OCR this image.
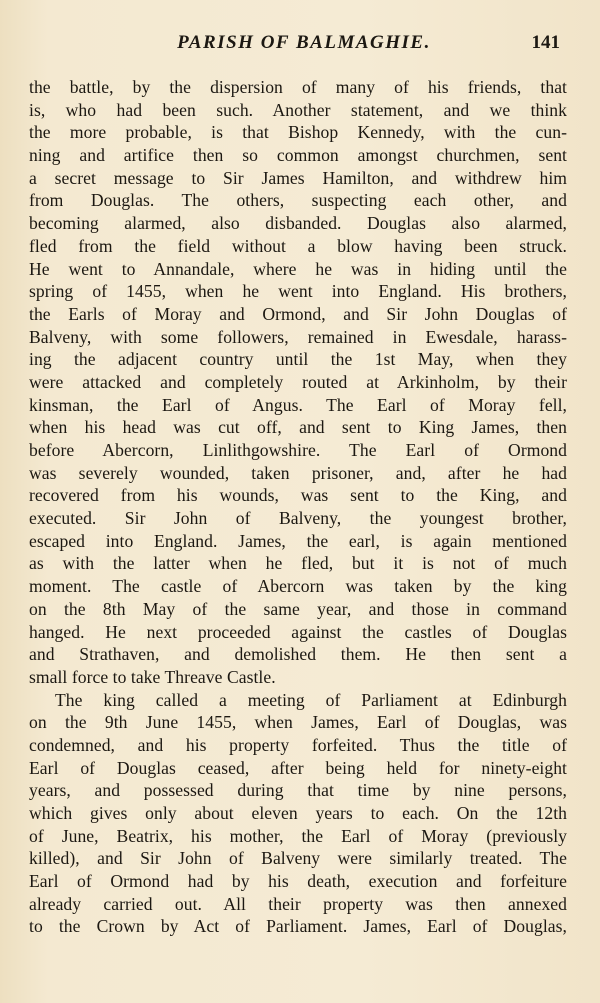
PARISH OF BALMAGHIE.	141
the battle, by the dispersion of many of his friends, that
is, who had been such. Another statement, and we think
the more probable, is that Bishop Kennedy, with the cun-
ning and artifice then so common amongst churchmen, sent
a secret message to Sir James Hamilton, and withdrew him
from Douglas. The others, suspecting each other, and
becoming alarmed, also disbanded. Douglas also alarmed,
fled from the field without a blow having been struck.
He went to Annandale, where he was in hiding until the
spring of 1455, when he went into England. His brothers,
the Earls of Moray and Ormond, and Sir John Douglas of
Balveny, with some followers, remained in Ewesdale, harass-
ing the adjacent country until the 1st May, when they
were attacked and completely routed at Arkinholm, by their
kinsman, the Earl of Angus. The Earl of Moray fell,
when his head was cut off, and sent to King James, then
before Abercorn, Linlithgowshire. The Earl of Ormond
was severely wounded, taken prisoner, and, after he had
recovered from his wounds, was sent to the King, and
executed. Sir John of Balveny, the youngest brother,
escaped into England. James, the earl, is again mentioned
as with the latter when he fled, but it is not of much
moment. The castle of Abercorn was taken by the king
on the 8th May of the same year, and those in command
hanged. He next proceeded against the castles of Douglas
and Strathaven, and demolished them. He then sent a
small force to take Threave Castle.
The king called a meeting of Parliament at Edinburgh
on the 9th June 1455, when James, Earl of Douglas, was
condemned, and his property forfeited. Thus the title of
Earl of Douglas ceased, after being held for ninety-eight
years, and possessed during that time by nine persons,
which gives only about eleven years to each. On the 12th
of June, Beatrix, his mother, the Earl of Moray (previously
killed), and Sir John of Balveny were similarly treated. The
Earl of Ormond had by his death, execution and forfeiture
already carried out. All their property was then annexed
to the Crown by Act of Parliament. James, Earl of Douglas,
